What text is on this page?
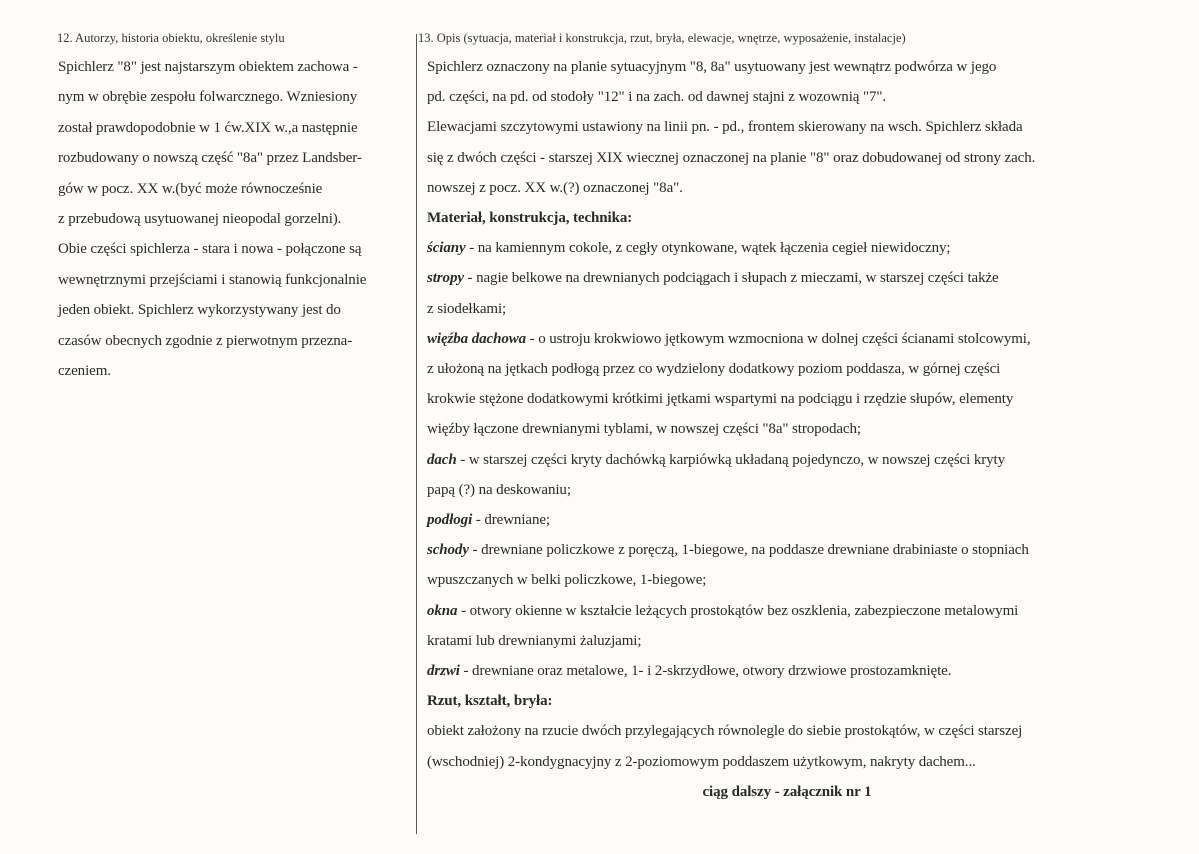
12. Autorzy, historia obiektu, określenie stylu
Spichlerz "8" jest najstarszym obiektem zachowa -
nym w obrębie zespołu folwarcznego. Wzniesiony
został prawdopodobnie w 1 ćw.XIX w.,a następnie
rozbudowany o nowszą część "8a" przez Landsber-
gów w pocz. XX w.(być może równocześnie
z przebudową usytuowanej nieopodal gorzelni).
Obie części spichlerza - stara i nowa - połączone są
wewnętrznymi przejściami i stanowią funkcjonalnie
jeden obiekt. Spichlerz wykorzystywany jest do
czasów obecnych zgodnie z pierwotnym przezna-
czeniem.
13. Opis (sytuacja, materiał i konstrukcja, rzut, bryła, elewacje, wnętrze, wyposażenie, instalacje)
Spichlerz oznaczony na planie sytuacyjnym "8, 8a" usytuowany jest wewnątrz podwórza w jego
pd. części, na pd. od stodoły "12" i na zach. od dawnej stajni z wozownią "7".
Elewacjami szczytowymi ustawiony na linii pn. - pd., frontem skierowany na wsch. Spichlerz składa
się z dwóch części - starszej XIX wiecznej oznaczonej na planie "8" oraz dobudowanej od strony zach.
nowszej z pocz. XX w.(?) oznaczonej "8a".
Materiał, konstrukcja, technika:
ściany - na kamiennym cokole, z cegły otynkowane, wątek łączenia cegieł niewidoczny;
stropy - nagie belkowe na drewnianych podciągach i słupach z mieczami, w starszej części także
z siodełkami;
więźba dachowa - o ustroju krokwiowo jętkowym wzmocniona w dolnej części ścianami stolcowymi,
z ułożoną na jętkach podłogą przez co wydzielony dodatkowy poziom poddasza, w górnej części
krokwie stężone dodatkowymi krótkimi jętkami wspartymi na podciągu i rzędzie słupów, elementy
więźby łączone drewnianymi tyblami, w nowszej części "8a" stropodach;
dach - w starszej części kryty dachówką karpiówką układaną pojedynczo, w nowszej części kryty
papą (?) na deskowaniu;
podłogi - drewniane;
schody - drewniane policzkowe z poręczą, 1-biegowe, na poddasze drewniane drabiniaste o stopniach
wpuszczanych w belki policzkowe, 1-biegowe;
okna - otwory okienne w kształcie leżących prostokątów bez oszklenia, zabezpieczone metalowymi
kratami lub drewnianymi żaluzjami;
drzwi - drewniane oraz metalowe, 1- i 2-skrzydłowe, otwory drzwiowe prostozamknięte.
Rzut, kształt, bryła:
obiekt założony na rzucie dwóch przylegających równolegle do siebie prostokątów, w części starszej
(wschodniej) 2-kondygnacyjny z 2-poziomowym poddaszem użytkowym, nakryty dachem...
ciąg dalszy - załącznik nr 1
